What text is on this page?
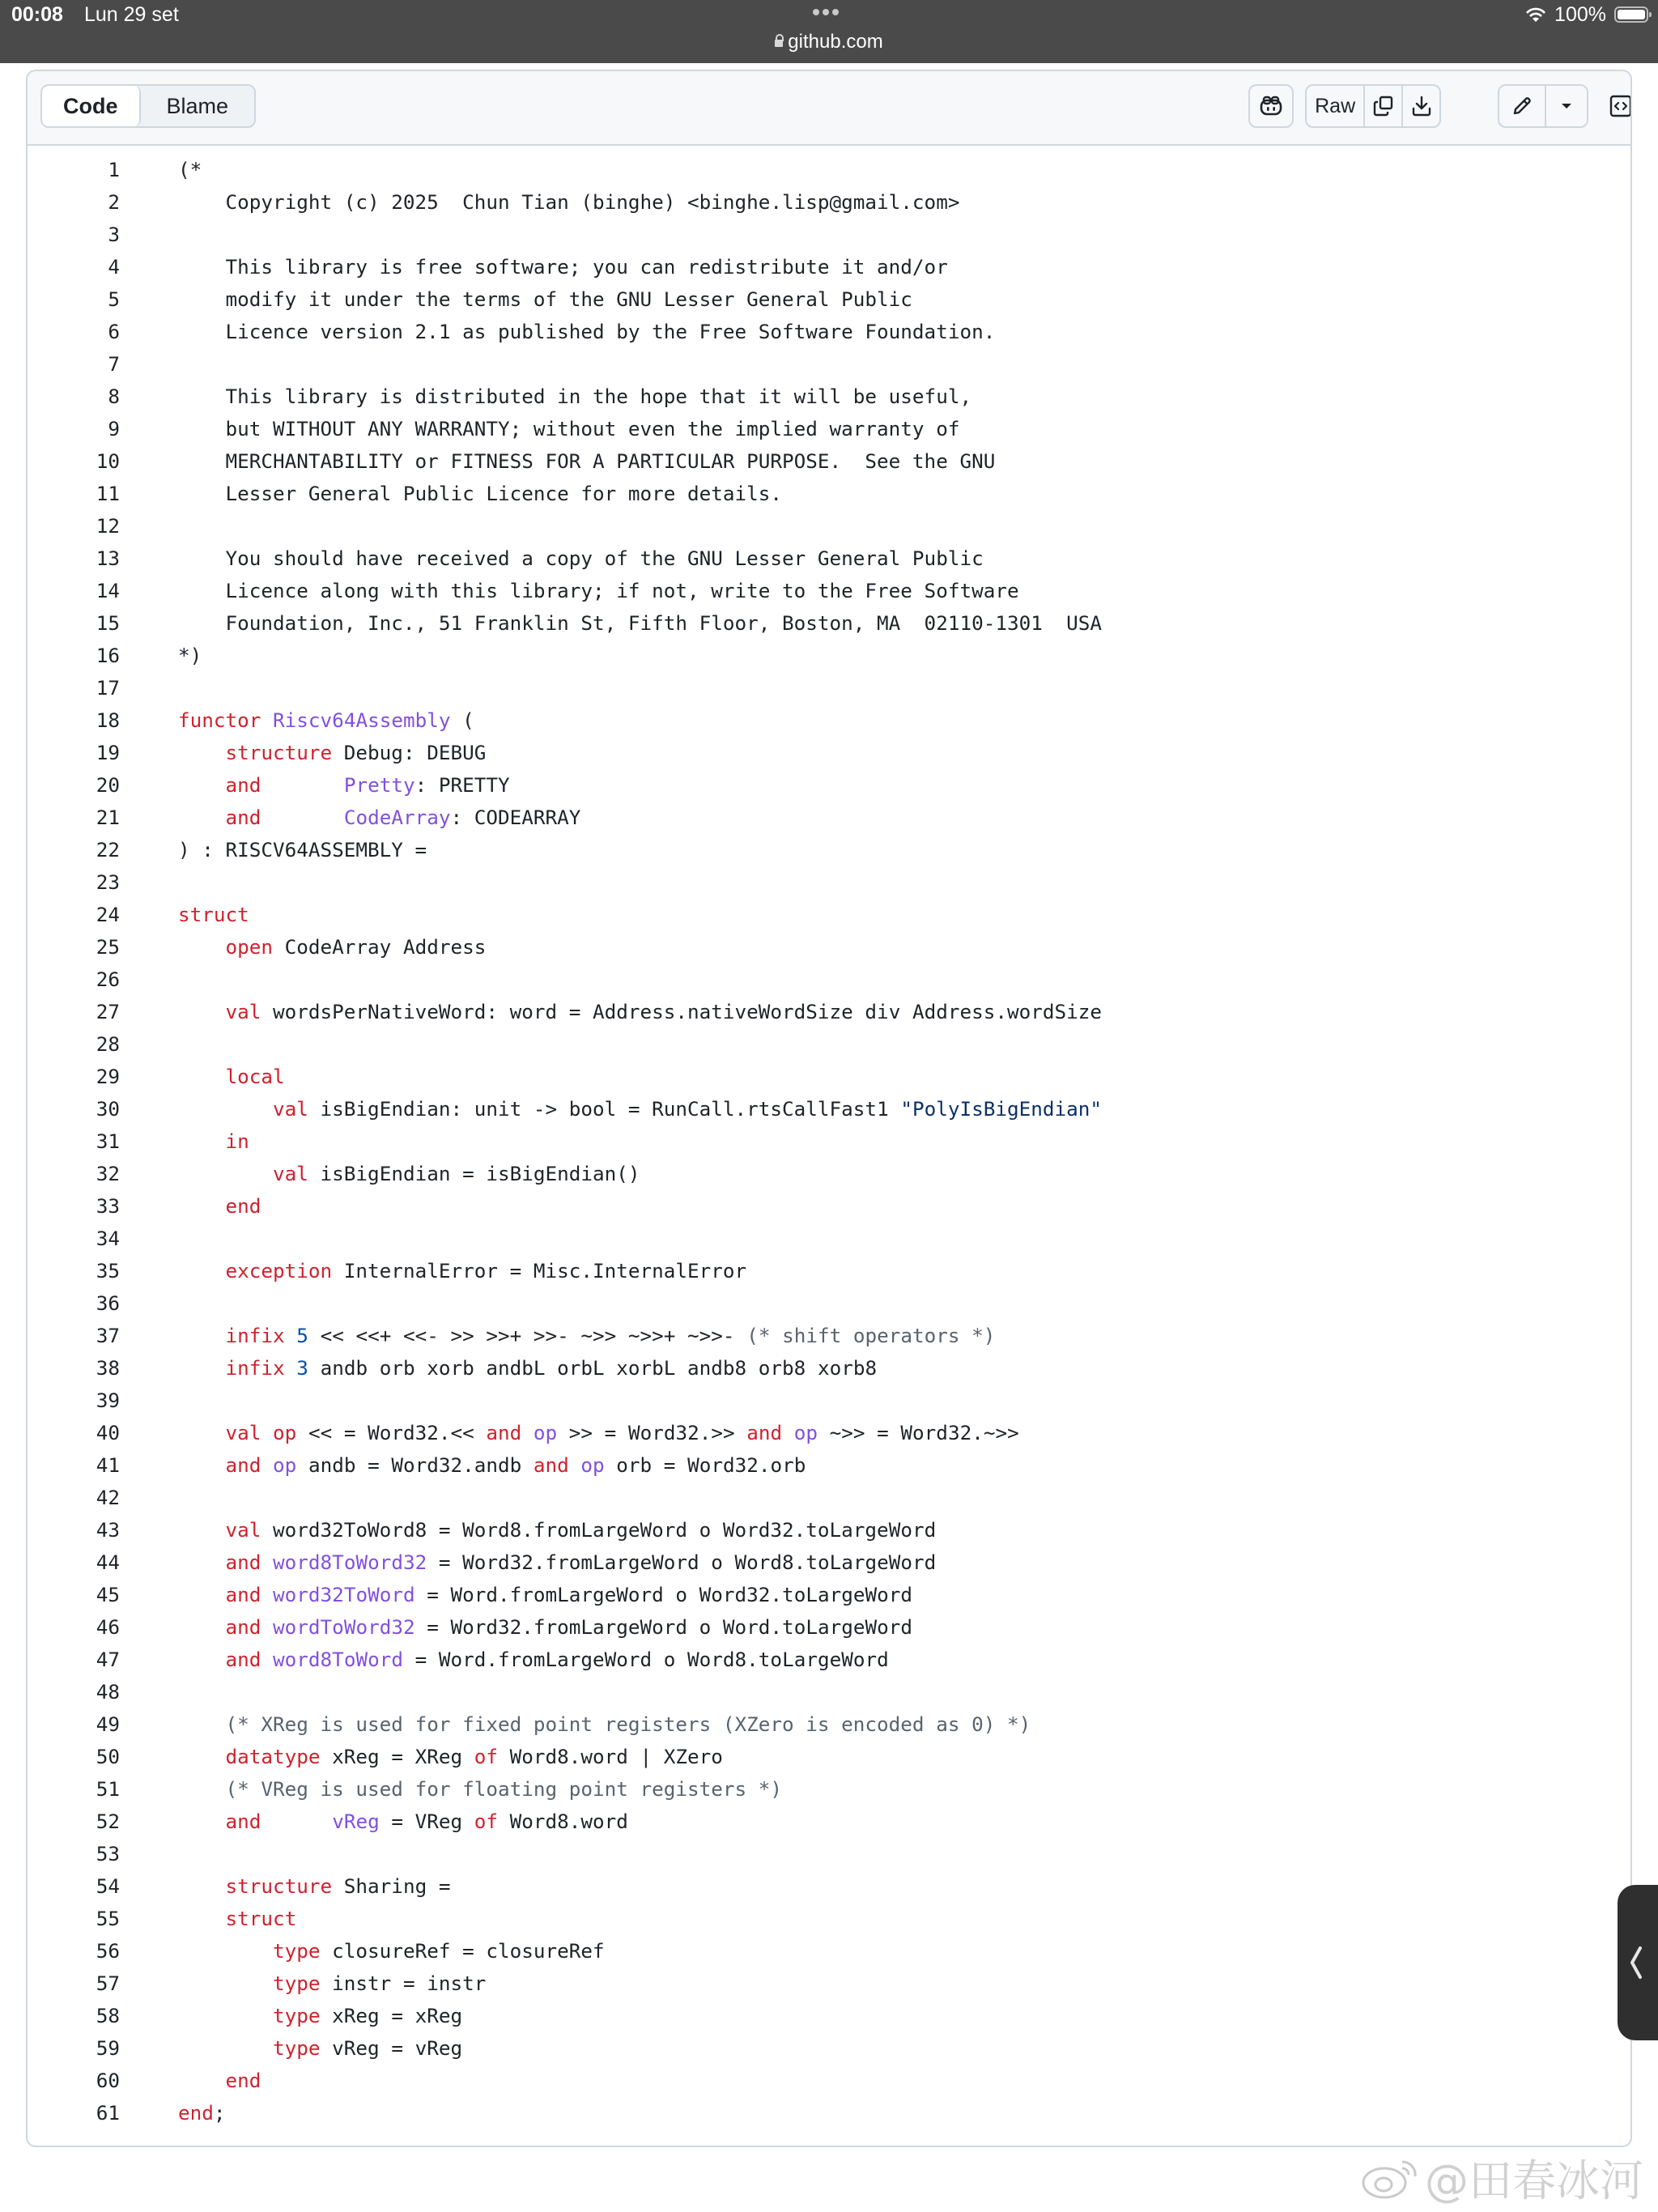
00:08 Lun 29 set
github.com
100%
Code	Blame	Raw
1	(*
2	Copyright (c) 2025  Chun Tian (binghe) <binghe.lisp@gmail.com>
3
4	This library is free software; you can redistribute it and/or
5	modify it under the terms of the GNU Lesser General Public
6	Licence version 2.1 as published by the Free Software Foundation.
7
8	This library is distributed in the hope that it will be useful,
9	but WITHOUT ANY WARRANTY; without even the implied warranty of
10	MERCHANTABILITY or FITNESS FOR A PARTICULAR PURPOSE.  See the GNU
11	Lesser General Public Licence for more details.
12
13	You should have received a copy of the GNU Lesser General Public
14	Licence along with this library; if not, write to the Free Software
15	Foundation, Inc., 51 Franklin St, Fifth Floor, Boston, MA  02110-1301  USA
16	*)
17
18	functor Riscv64Assembly (
19	structure Debug: DEBUG
20	and	Pretty: PRETTY
21	and	CodeArray: CODEARRAY
22	) : RISCV64ASSEMBLY =
23
24	struct
25	open CodeArray Address
26
27	val wordsPerNativeWord: word = Address.nativeWordSize div Address.wordSize
28
29	local
30	val isBigEndian: unit -> bool = RunCall.rtsCallFast1 "PolyIsBigEndian"
31	in
32	val isBigEndian = isBigEndian()
33	end
34
35	exception InternalError = Misc.InternalError
36
37	infix 5 << <<+ <<- >> >>+ >>- ~>> ~>>+ ~>>- (* shift operators *)
38	infix 3 andb orb xorb andbL orbL xorbL andb8 orb8 xorb8
39
40	val op << = Word32.<< and op >> = Word32.>> and op ~>> = Word32.~>>
41	and op andb = Word32.andb and op orb = Word32.orb
42
43	val word32ToWord8 = Word8.fromLargeWord o Word32.toLargeWord
44	and word8ToWord32 = Word32.fromLargeWord o Word8.toLargeWord
45	and word32ToWord = Word.fromLargeWord o Word32.toLargeWord
46	and wordToWord32 = Word32.fromLargeWord o Word.toLargeWord
47	and word8ToWord = Word.fromLargeWord o Word8.toLargeWord
48
49	(* XReg is used for fixed point registers (XZero is encoded as 0) *)
50	datatype xReg = XReg of Word8.word | XZero
51	(* VReg is used for floating point registers *)
52	and	vReg = VReg of Word8.word
53
54	structure Sharing =
55	struct
56	type closureRef = closureRef
57	type instr = instr
58	type xReg = xReg
59	type vReg = vReg
60	end
61	end;
@田春冰河
